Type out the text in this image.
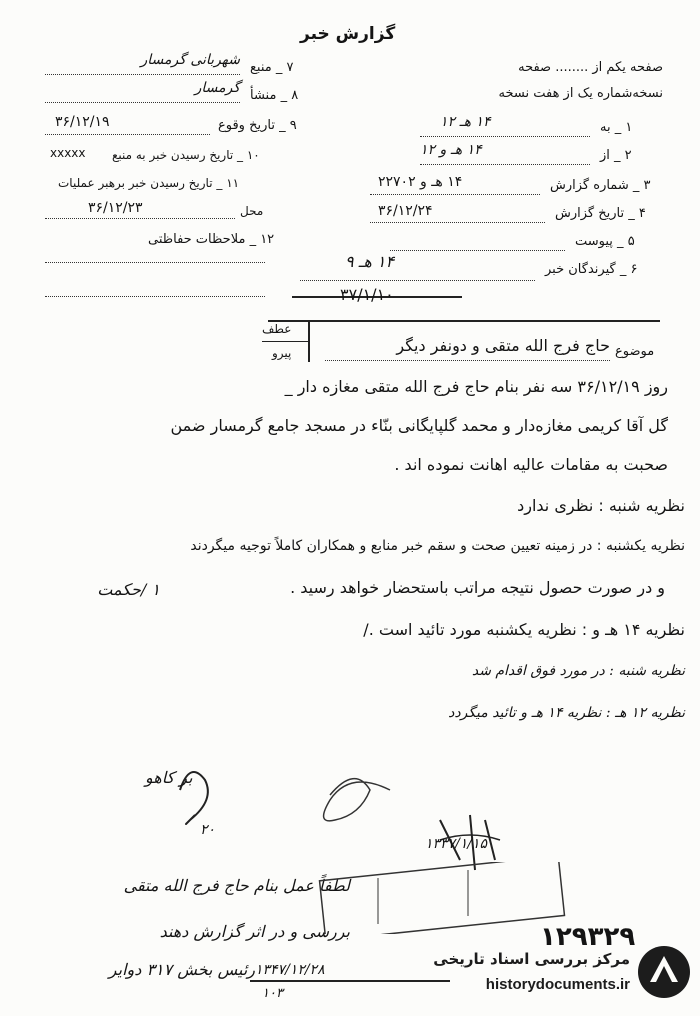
گزارش خبر
صفحه یکم از ........ صفحه
نسخه‌شماره یک از هفت نسخه
۱ _ به
۱۴ هـ ۱۲
۲ _ از
۱۴ هـ و ۱۲
۳ _ شماره گزارش
۱۴ هـ و ۲۲۷۰۲
۴ _ تاریخ گزارش
۳۶/۱۲/۲۴
۵ _ پیوست
۶ _ گیرندگان خبر
۱۴ هـ ۹
۷ _ منبع
شهربانی گرمسار
۸ _ منشأ
گرمسار
۹ _ تاریخ وقوع
۳۶/۱۲/۱۹
۱۰ _ تاریخ رسیدن خبر به منبع
xxxxx
۱۱ _ تاریخ رسیدن خبر برهبر عملیات
محل
۳۶/۱۲/۲۳
۱۲ _ ملاحظات حفاظتی
۳۷/۱/۱۰
عطف
پیرو	موضوع
حاج فرج الله متقی و دونفر دیگر
روز ۳۶/۱۲/۱۹ سه نفر بنام حاج فرج الله متقی مغازه دار _
گل آقا کریمی مغازه‌دار و محمد گلپایگانی بنّاء در مسجد جامع گرمسار ضمن
صحبت به مقامات عالیه اهانت نموده اند .
نظریه شنبه : نظری ندارد
نظریه یکشنبه : در زمینه تعیین صحت و سقم خبر منابع و همکاران کاملاً توجیه میگردند
و در صورت حصول نتیجه مراتب باستحضار خواهد رسید .
۱ /حکمت
نظریه ۱۴ هـ و : نظریه یکشنبه مورد تائید است ./
نظریه شنبه : در مورد فوق اقدام شد
نظریه ۱۲ هـ : نظریه ۱۴ هـ و تائید میگردد
ﺑﺮ ﮐﺎﻫﻮ
۲۰
لطفاً عمل بنام حاج فرج الله متقی
بررسی و در اثر گزارش دهند
رئیس بخش ۳۱۷ دوایر
۱۳۳۷/۱/۱۵
۱۲۹۳۲۹
۱۳۴۷/۱۲/۲۸
۱۰۳
مرکز بررسی اسناد تاریخی
historydocuments.ir
